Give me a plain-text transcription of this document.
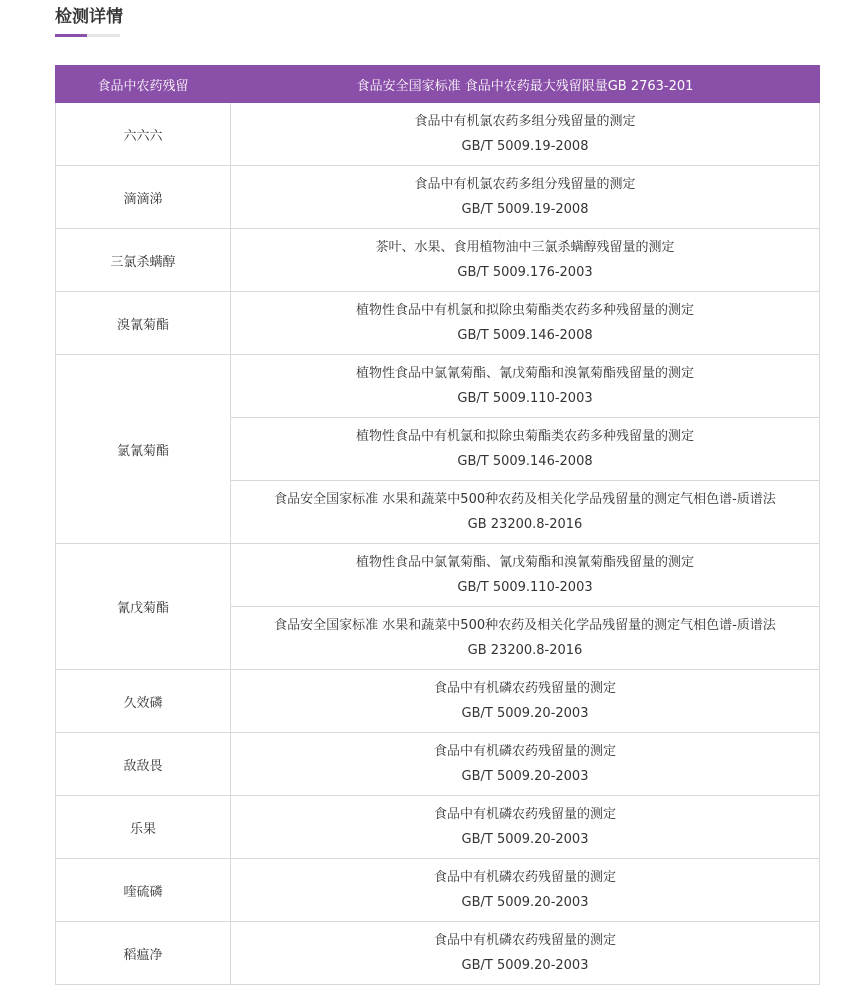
检测详情
食品中农药残留	食品安全国家标准 食品中农药最大残留限量GB 2763-201
六六六	食品中有机氯农药多组分残留量的测定
GB/T 5009.19-2008

滴滴涕	食品中有机氯农药多组分残留量的测定
GB/T 5009.19-2008

三氯杀螨醇	茶叶、水果、食用植物油中三氯杀螨醇残留量的测定
GB/T 5009.176-2003

溴氰菊酯	植物性食品中有机氯和拟除虫菊酯类农药多种残留量的测定
GB/T 5009.146-2008

氯氰菊酯	植物性食品中氯氰菊酯、氰戊菊酯和溴氰菊酯残留量的测定
GB/T 5009.110-2003

	植物性食品中有机氯和拟除虫菊酯类农药多种残留量的测定
GB/T 5009.146-2008

	食品安全国家标准 水果和蔬菜中500种农药及相关化学品残留量的测定气相色谱-质谱法
GB 23200.8-2016

氰戊菊酯	植物性食品中氯氰菊酯、氰戊菊酯和溴氰菊酯残留量的测定
GB/T 5009.110-2003

	食品安全国家标准 水果和蔬菜中500种农药及相关化学品残留量的测定气相色谱-质谱法
GB 23200.8-2016

久效磷	食品中有机磷农药残留量的测定
GB/T 5009.20-2003

敌敌畏	食品中有机磷农药残留量的测定
GB/T 5009.20-2003

乐果	食品中有机磷农药残留量的测定
GB/T 5009.20-2003

喹硫磷	食品中有机磷农药残留量的测定
GB/T 5009.20-2003

稻瘟净	食品中有机磷农药残留量的测定
GB/T 5009.20-2003
